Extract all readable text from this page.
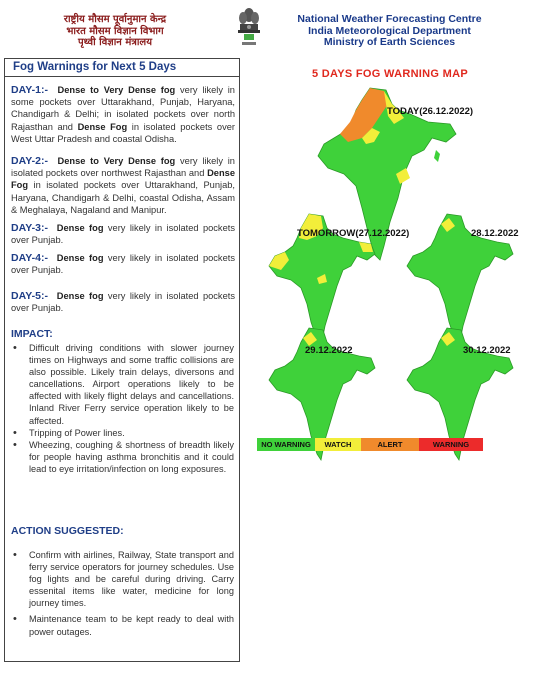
राष्ट्रीय मौसम पूर्वानुमान केन्द्र
भारत मौसम विज्ञान विभाग
पृथ्वी विज्ञान मंत्रालय
National Weather Forecasting Centre
India Meteorological Department
Ministry of Earth Sciences
Fog Warnings for Next 5 Days
DAY-1:- Dense to Very Dense fog very likely in some pockets over Uttarakhand, Punjab, Haryana, Chandigarh & Delhi; in isolated pockets over north Rajasthan and Dense Fog in isolated pockets over West Uttar Pradesh and coastal Odisha.
DAY-2:- Dense to Very Dense fog very likely in isolated pockets over northwest Rajasthan and Dense Fog in isolated pockets over Uttarakhand, Punjab, Haryana, Chandigarh & Delhi, coastal Odisha, Assam & Meghalaya, Nagaland and Manipur.
DAY-3:- Dense fog very likely in isolated pockets over Punjab.
DAY-4:- Dense fog very likely in isolated pockets over Punjab.
DAY-5:- Dense fog very likely in isolated pockets over Punjab.
IMPACT:
• Difficult driving conditions with slower journey times on Highways and some traffic collisions are also possible. Likely train delays, diversons and cancellations. Airport operations likely to be affected with likely flight delays and cancellations. Inland River Ferry service operation likely to be affected.
• Tripping of Power lines.
• Wheezing, coughing & shortness of breadth likely for people having asthma bronchitis and it could lead to eye irritation/infection on long exposures.
ACTION SUGGESTED:
• Confirm with airlines, Railway, State transport and ferry service operators for journey schedules. Use fog lights and be careful during driving. Carry essenital items like water, medicine for long journey times.
• Maintenance team to be kept ready to deal with power outages.
5 DAYS FOG WARNING MAP
TODAY(26.12.2022)
TOMORROW(27.12.2022)	28.12.2022
29.12.2022	30.12.2022
NO WARNING	WATCH	ALERT	WARNING
